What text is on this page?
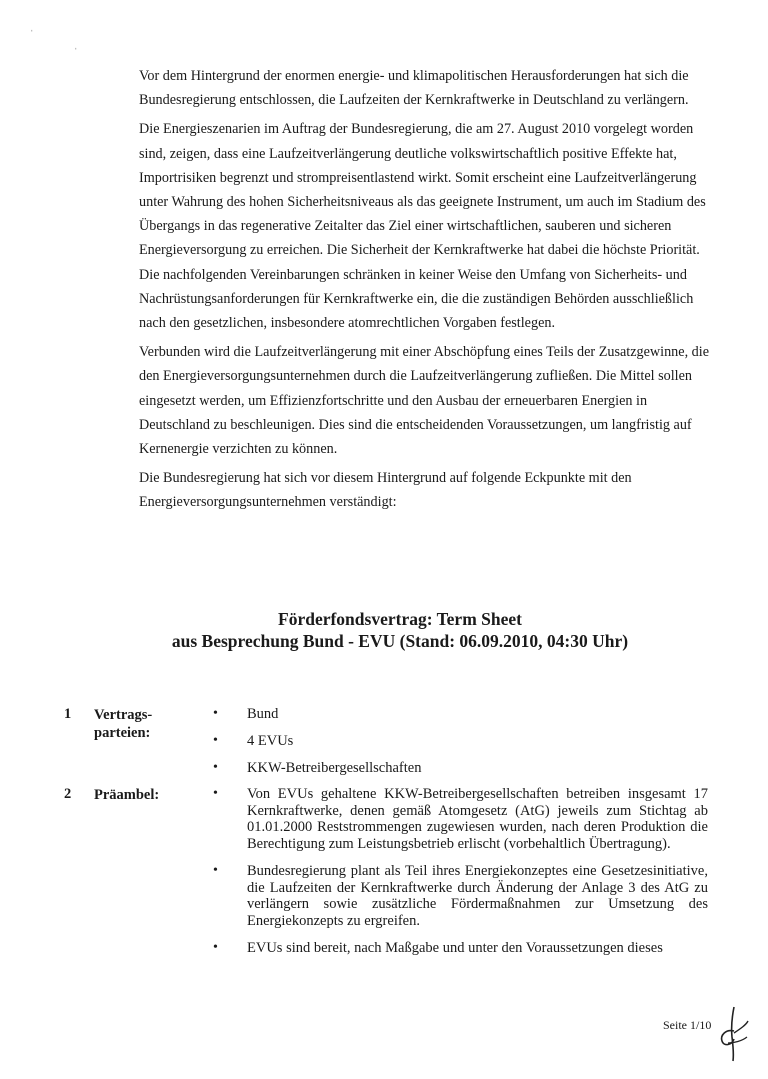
ˈ
ˌ

Vor dem Hintergrund der enormen energie- und klimapolitischen Herausforderungen hat sich die Bundesregierung entschlossen, die Laufzeiten der Kernkraftwerke in Deutschland zu verlängern.

Die Energieszenarien im Auftrag der Bundesregierung, die am 27. August 2010 vorgelegt worden sind, zeigen, dass eine Laufzeitverlängerung deutliche volkswirtschaftlich positive Effekte hat, Importrisiken begrenzt und strompreisentlastend wirkt. Somit erscheint eine Laufzeitverlängerung unter Wahrung des hohen Sicherheitsniveaus als das geeignete Instrument, um auch im Stadium des Übergangs in das regenerative Zeitalter das Ziel einer wirtschaftlichen, sauberen und sicheren Energieversorgung zu erreichen. Die Sicherheit der Kernkraftwerke hat dabei die höchste Priorität. Die nachfolgenden Vereinbarungen schränken in keiner Weise den Umfang von Sicherheits- und Nachrüstungsanforderungen für Kernkraftwerke ein, die die zuständigen Behörden ausschließlich nach den gesetzlichen, insbesondere atomrechtlichen Vorgaben festlegen.

Verbunden wird die Laufzeitverlängerung mit einer Abschöpfung eines Teils der Zusatzgewinne, die den Energieversorgungsunternehmen durch die Laufzeitverlängerung zufließen. Die Mittel sollen eingesetzt werden, um Effizienzfortschritte und den Ausbau der erneuerbaren Energien in Deutschland zu beschleunigen. Dies sind die entscheidenden Voraussetzungen, um langfristig auf Kernenergie verzichten zu können.

Die Bundesregierung hat sich vor diesem Hintergrund auf folgende Eckpunkte mit den Energieversorgungsunternehmen verständigt:

Förderfondsvertrag: Term Sheet
aus Besprechung Bund - EVU (Stand: 06.09.2010, 04:30 Uhr)
1 Vertrags-
parteien:
• Bund
• 4 EVUs
• KKW-Betreibergesellschaften
2 Präambel:	• Von EVUs gehaltene KKW-Betreibergesellschaften betreiben insgesamt 17 Kernkraftwerke, denen gemäß Atomgesetz (AtG) jeweils zum Stichtag ab 01.01.2000 Reststrommengen zugewiesen wurden, nach deren Produktion die Berechtigung zum Leistungsbetrieb erlischt (vorbehaltlich Übertragung).
• Bundesregierung plant als Teil ihres Energiekonzeptes eine Gesetzesinitiative, die Laufzeiten der Kernkraftwerke durch Änderung der Anlage 3 des AtG zu verlängern sowie zusätzliche Fördermaßnahmen zur Umsetzung des Energiekonzepts zu ergreifen.
• EVUs sind bereit, nach Maßgabe und unter den Voraussetzungen dieses
Seite 1/10
